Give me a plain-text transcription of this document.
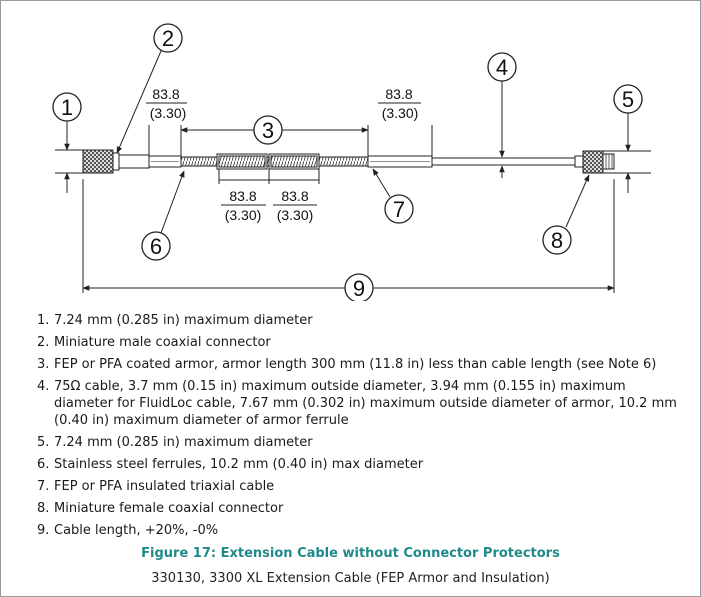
1
2
3
4
5
6
7
8
9
83.8
(3.30)
83.8
(3.30)
83.8
(3.30)
83.8
(3.30)
1. 7.24 mm (0.285 in) maximum diameter
2. Miniature male coaxial connector
3. FEP or PFA coated armor, armor length 300 mm (11.8 in) less than cable length (see Note 6)
4. 75Ω cable, 3.7 mm (0.15 in) maximum outside diameter, 3.94 mm (0.155 in) maximum diameter for FluidLoc cable, 7.67 mm (0.302 in) maximum outside diameter of armor, 10.2 mm (0.40 in) maximum diameter of armor ferrule
5. 7.24 mm (0.285 in) maximum diameter
6. Stainless steel ferrules, 10.2 mm (0.40 in) max diameter
7. FEP or PFA insulated triaxial cable
8. Miniature female coaxial connector
9. Cable length, +20%, -0%
Figure 17: Extension Cable without Connector Protectors
330130, 3300 XL Extension Cable (FEP Armor and Insulation)
